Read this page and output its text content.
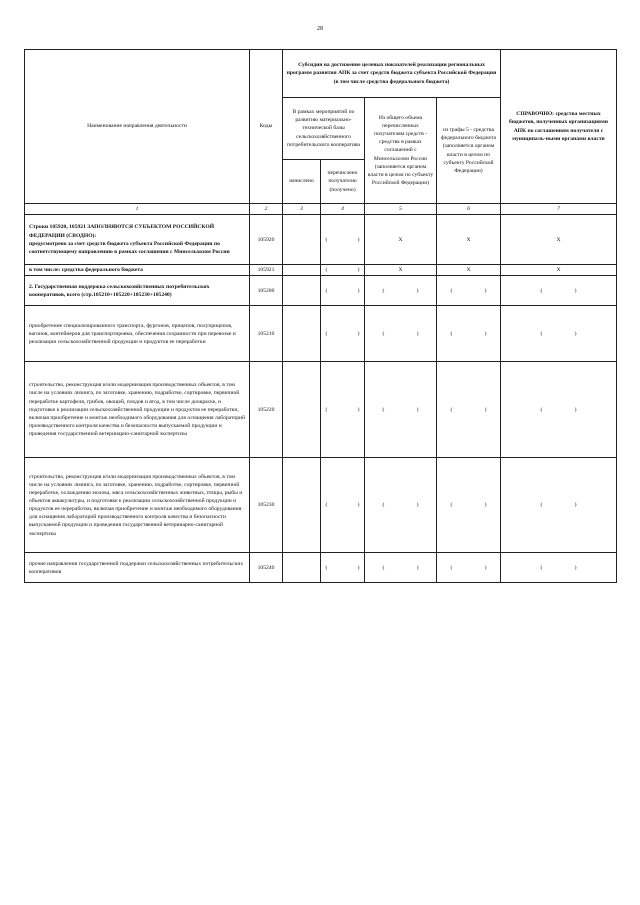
28
Наименование направления деятельности	Коды	Субсидия на достижение целевых показателей реализации региональных программ развития АПК за счет средств бюджета субъекта Российской Федерации (в том числе средства федерального бюджета)				СПРАВОЧНО: средства местных бюджетов, полученных организациями АПК по соглашениям получателя с муниципаль-ными органами власти
		В рамках мероприятий по развитию материально-технической базы сельскохозяйственного потребительского кооператива		Из общего объема перечисленных получателям средств - средства в рамках соглашений с Минсельхозом России (заполняется органом власти в целом по субъекту Российской Федерации)	из графы 5 - средства федерального бюджета (заполняется органом власти в целом по субъекту Российской Федерации)	
		начислено	перечислено получателю (получено)			
1	2	3	4	5	6	7
Строки 105920, 105921 ЗАПОЛНЯЮТСЯ СУБЪЕКТОМ РОССИЙСКОЙ ФЕДЕРАЦИИ (СВОДНО):
предусмотрено за счет средств бюджета субъекта Российской Федерации по соответствующему направлению в рамках соглашения с Минсельхозом России	105920		( )	X	X	X
в том числе: средства федерального бюджета	105921		( )	X	X	X
2. Государственная поддержка сельскохозяйственных потребительских кооперативов, всего (стр.105210+105220+105230+105240)	105200		( )	( )	( )	( )

приобретение специализированного транспорта, фургонов, прицепов, полуприцепов, вагонов, контейнеров для транспортировки, обеспечения сохранности при перевозке и реализации сельскохозяйственной продукции и продуктов ее переработки	105210		( )	( )	( )	( )

строительство, реконструкция и/или модернизация производственных объектов, в том числе на условиях лизинга, по заготовке, хранению, подработке, сортировке, первичной переработке картофеля, грибов, овощей, плодов и ягод, в том числе доокраске, и подготовке к реализации сельскохозяйственной продукции и продуктов ее переработки, включая приобретение и монтаж необходимого оборудования для оснащения лабораторий производственного контроля качества и безопасности выпускаемой продукции и проведения государственной ветеринарно-санитарной экспертизы	105220		( )	( )	( )	( )

строительство, реконструкция и/или модернизация производственных объектов, в том числе на условиях лизинга, по заготовке, хранению, подработке, сортировке, первичной переработке, охлаждению молока, мяса сельскохозяйственных животных, птицы, рыбы и объектов аквакультуры, и подготовке к реализации сельскохозяйственной продукции и продуктов ее переработки, включая приобретение и монтаж необходимого оборудования для оснащения лабораторий производственного контроля качества и безопасности выпускаемой продукции и проведения государственной ветеринарно-санитарной экспертизы	105230		( )	( )	( )	( )

прочие направления государственной поддержки сельскохозяйственных потребительских кооперативов	105240		( )	( )	( )	( )
